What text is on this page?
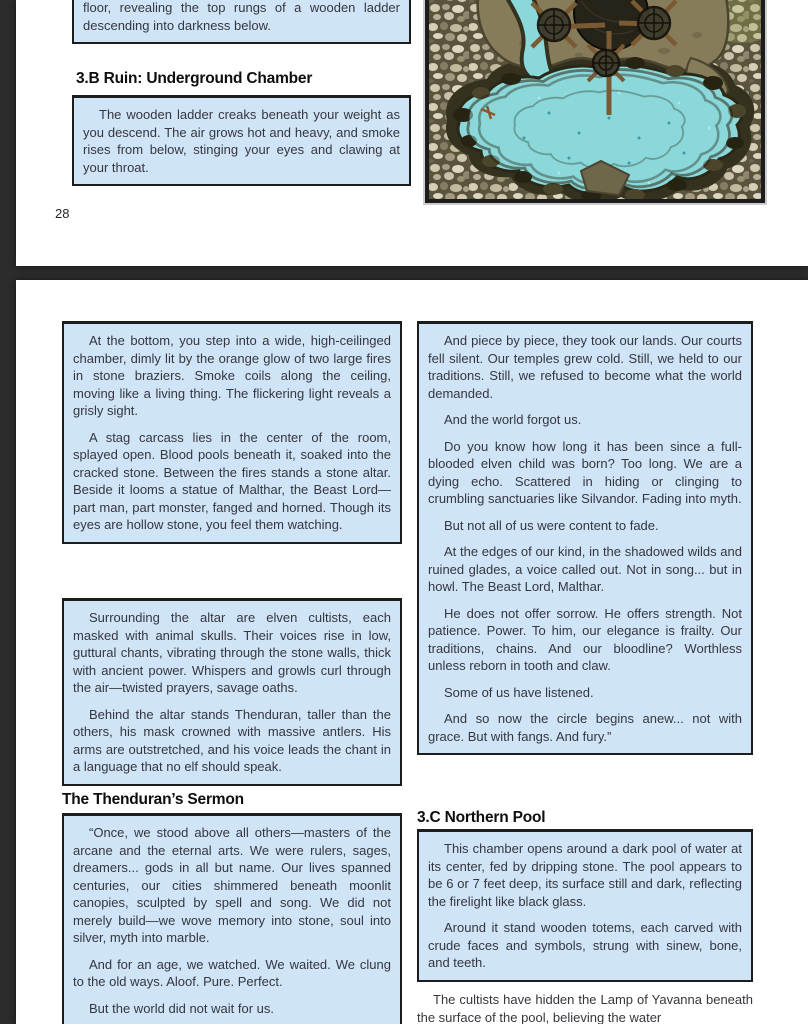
floor, revealing the top rungs of a wooden ladder descending into darkness below.

3.B Ruin: Underground Chamber

The wooden ladder creaks beneath your weight as you descend. The air grows hot and heavy, and smoke rises from below, stinging your eyes and clawing at your throat.

28

At the bottom, you step into a wide, high-ceilinged chamber, dimly lit by the orange glow of two large fires in stone braziers. Smoke coils along the ceiling, moving like a living thing. The flickering light reveals a grisly sight.

A stag carcass lies in the center of the room, splayed open. Blood pools beneath it, soaked into the cracked stone. Between the fires stands a stone altar. Beside it looms a statue of Malthar, the Beast Lord—part man, part monster, fanged and horned. Though its eyes are hollow stone, you feel them watching.

Surrounding the altar are elven cultists, each masked with animal skulls. Their voices rise in low, guttural chants, vibrating through the stone walls, thick with ancient power. Whispers and growls curl through the air—twisted prayers, savage oaths.

Behind the altar stands Thenduran, taller than the others, his mask crowned with massive antlers. His arms are outstretched, and his voice leads the chant in a language that no elf should speak.

The Thenduran’s Sermon

“Once, we stood above all others—masters of the arcane and the eternal arts. We were rulers, sages, dreamers... gods in all but name. Our lives spanned centuries, our cities shimmered beneath moonlit canopies, sculpted by spell and song. We did not merely build—we wove memory into stone, soul into silver, myth into marble.

And for an age, we watched. We waited. We clung to the old ways. Aloof. Pure. Perfect.

But the world did not wait for us.

And piece by piece, they took our lands. Our courts fell silent. Our temples grew cold. Still, we held to our traditions. Still, we refused to become what the world demanded.

And the world forgot us.

Do you know how long it has been since a full-blooded elven child was born? Too long. We are a dying echo. Scattered in hiding or clinging to crumbling sanctuaries like Silvandor. Fading into myth.

But not all of us were content to fade.

At the edges of our kind, in the shadowed wilds and ruined glades, a voice called out. Not in song... but in howl. The Beast Lord, Malthar.

He does not offer sorrow. He offers strength. Not patience. Power. To him, our elegance is frailty. Our traditions, chains. And our bloodline? Worthless unless reborn in tooth and claw.

Some of us have listened.

And so now the circle begins anew... not with grace. But with fangs. And fury.”

3.C Northern Pool

This chamber opens around a dark pool of water at its center, fed by dripping stone. The pool appears to be 6 or 7 feet deep, its surface still and dark, reflecting the firelight like black glass.

Around it stand wooden totems, each carved with crude faces and symbols, strung with sinew, bone, and teeth.

The cultists have hidden the Lamp of Yavanna beneath the surface of the pool, believing the water
